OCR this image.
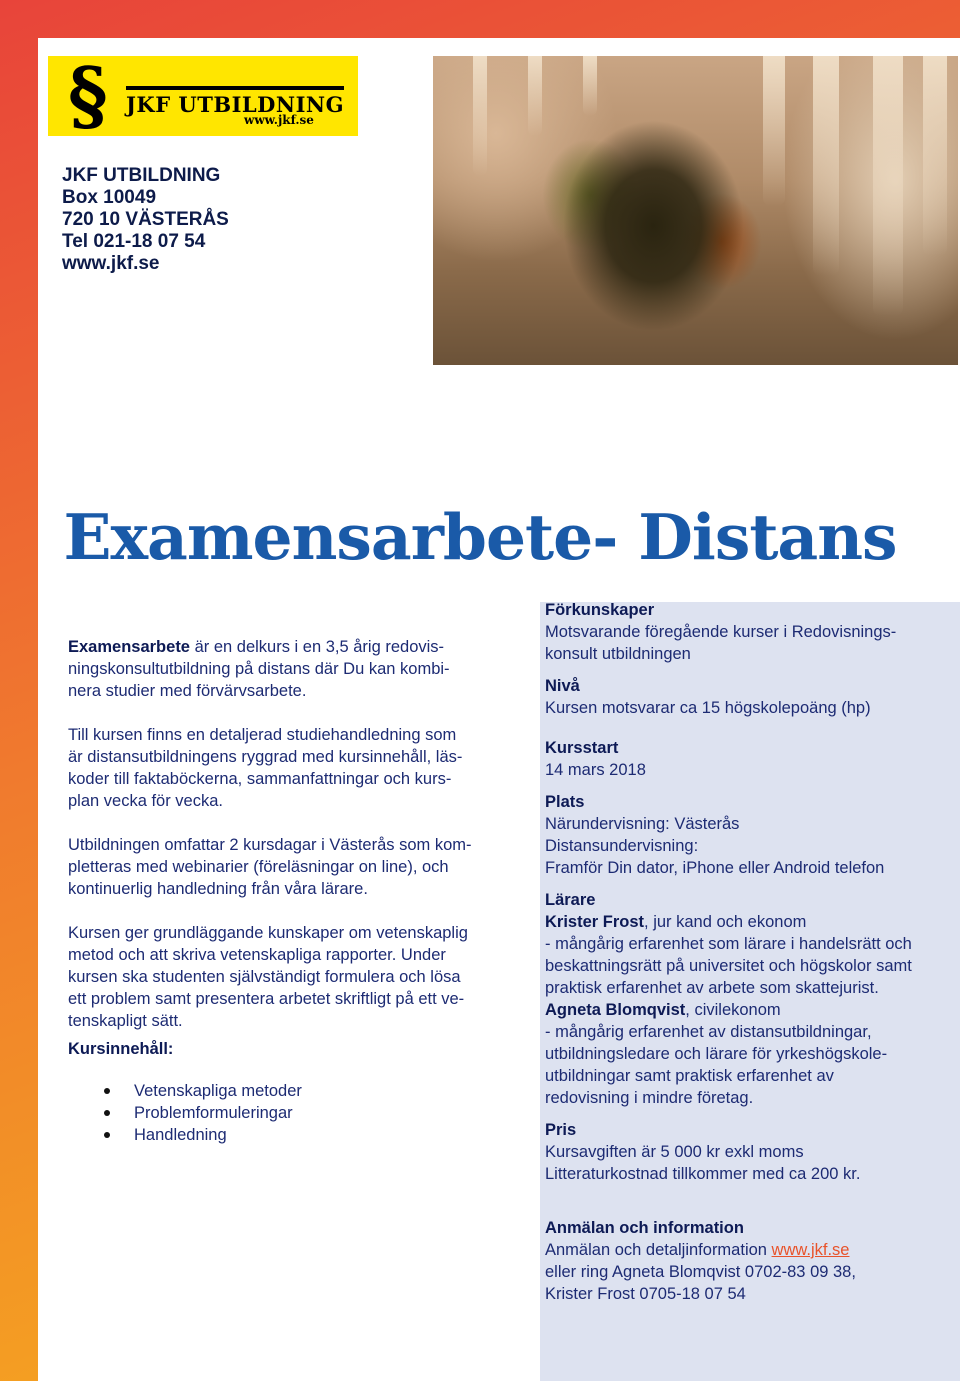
§ JKF UTBILDNING
www.jkf.se
JKF UTBILDNING
Box 10049
720 10 VÄSTERÅS
Tel 021-18 07 54
www.jkf.se
Examensarbete- Distans

Examensarbete är en delkurs i en 3,5 årig redovis-
ningskonsultutbildning på distans där Du kan kombi-
nera studier med förvärvsarbete.

Till kursen finns en detaljerad studiehandledning som
är distansutbildningens ryggrad med kursinnehåll, läs-
koder till faktaböckerna, sammanfattningar och kurs-
plan vecka för vecka.

Utbildningen omfattar 2 kursdagar i Västerås som kom-
pletteras med webinarier (föreläsningar on line), och
kontinuerlig handledning från våra lärare.

Kursen ger grundläggande kunskaper om vetenskaplig
metod och att skriva vetenskapliga rapporter. Under
kursen ska studenten självständigt formulera och lösa
ett problem samt presentera arbetet skriftligt på ett ve-
tenskapligt sätt.

Kursinnehåll:
Vetenskapliga metoder
Problemformuleringar
Handledning
Förkunskaper
Motsvarande föregående kurser i Redovisnings-
konsult utbildningen
Nivå
Kursen motsvarar ca 15 högskolepoäng (hp)
Kursstart
14 mars 2018
Plats
Närundervisning: Västerås
Distansundervisning:
Framför Din dator, iPhone eller Android telefon
Lärare
Krister Frost, jur kand och ekonom
- mångårig erfarenhet som lärare i handelsrätt och
beskattningsrätt på universitet och högskolor samt
praktisk erfarenhet av arbete som skattejurist.
Agneta Blomqvist, civilekonom
- mångårig erfarenhet av distansutbildningar,
utbildningsledare och lärare för yrkeshögskole-
utbildningar samt praktisk erfarenhet av
redovisning i mindre företag.
Pris
Kursavgiften är 5 000 kr exkl moms
Litteraturkostnad tillkommer med ca 200 kr.
Anmälan och information
Anmälan och detaljinformation www.jkf.se
eller ring Agneta Blomqvist 0702-83 09 38,
Krister Frost 0705-18 07 54
